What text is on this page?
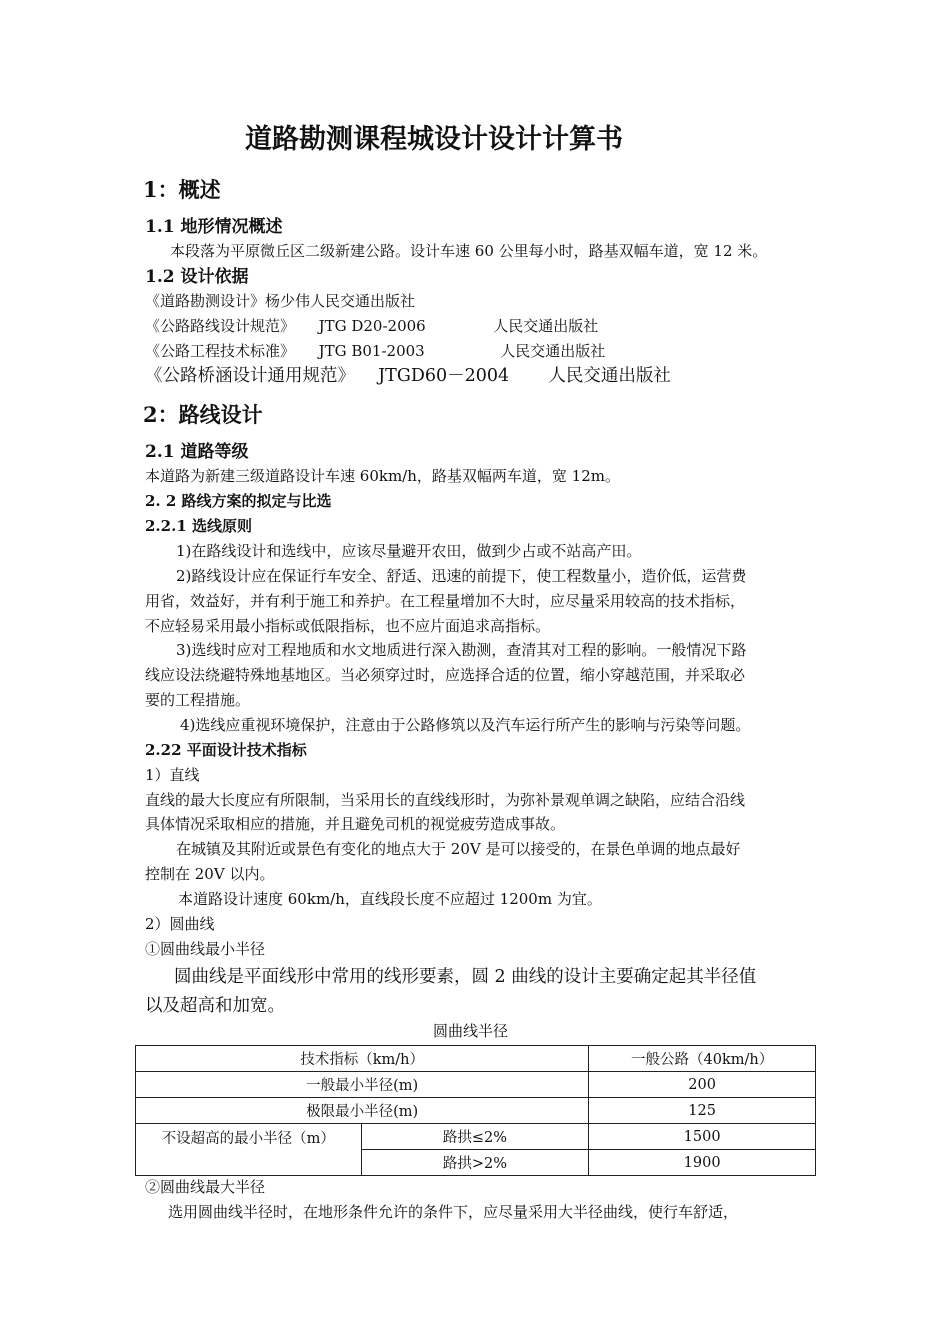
道路勘测课程城设计设计计算书
1：概述
1.1 地形情况概述
本段落为平原微丘区二级新建公路。设计车速 60 公里每小时，路基双幅车道，宽 12 米。
1.2 设计依据
《道路勘测设计》杨少伟人民交通出版社
《公路路线设计规范》 JTG D20-2006	人民交通出版社
《公路工程技术标准》 JTG B01-2003	人民交通出版社
《公路桥涵设计通用规范》 JTGD60－2004 人民交通出版社
2：路线设计
2.1 道路等级
本道路为新建三级道路设计车速 60km/h，路基双幅两车道，宽 12m。
2. 2 路线方案的拟定与比选
2.2.1 选线原则
1)在路线设计和选线中，应该尽量避开农田，做到少占或不站高产田。
2)路线设计应在保证行车安全、舒适、迅速的前提下，使工程数量小，造价低，运营费
用省，效益好，并有利于施工和养护。在工程量增加不大时，应尽量采用较高的技术指标，
不应轻易采用最小指标或低限指标，也不应片面追求高指标。
3)选线时应对工程地质和水文地质进行深入勘测，查清其对工程的影响。一般情况下路
线应设法绕避特殊地基地区。当必须穿过时，应选择合适的位置，缩小穿越范围，并采取必
要的工程措施。
4)选线应重视环境保护，注意由于公路修筑以及汽车运行所产生的影响与污染等问题。
2.22 平面设计技术指标
1）直线
直线的最大长度应有所限制，当采用长的直线线形时，为弥补景观单调之缺陷，应结合沿线
具体情况采取相应的措施，并且避免司机的视觉疲劳造成事故。
在城镇及其附近或景色有变化的地点大于 20V 是可以接受的，在景色单调的地点最好
控制在 20V 以内。
本道路设计速度 60km/h，直线段长度不应超过 1200m 为宜。
2）圆曲线
①圆曲线最小半径
圆曲线是平面线形中常用的线形要素，圆 2 曲线的设计主要确定起其半径值
以及超高和加宽。
圆曲线半径
技术指标（km/h）		一般公路（40km/h）
一般最小半径(m)		200
极限最小半径(m)		125
不设超高的最小半径（m）	路拱≤2%	1500
	路拱>2%	1900
②圆曲线最大半径
选用圆曲线半径时，在地形条件允许的条件下，应尽量采用大半径曲线，使行车舒适，
